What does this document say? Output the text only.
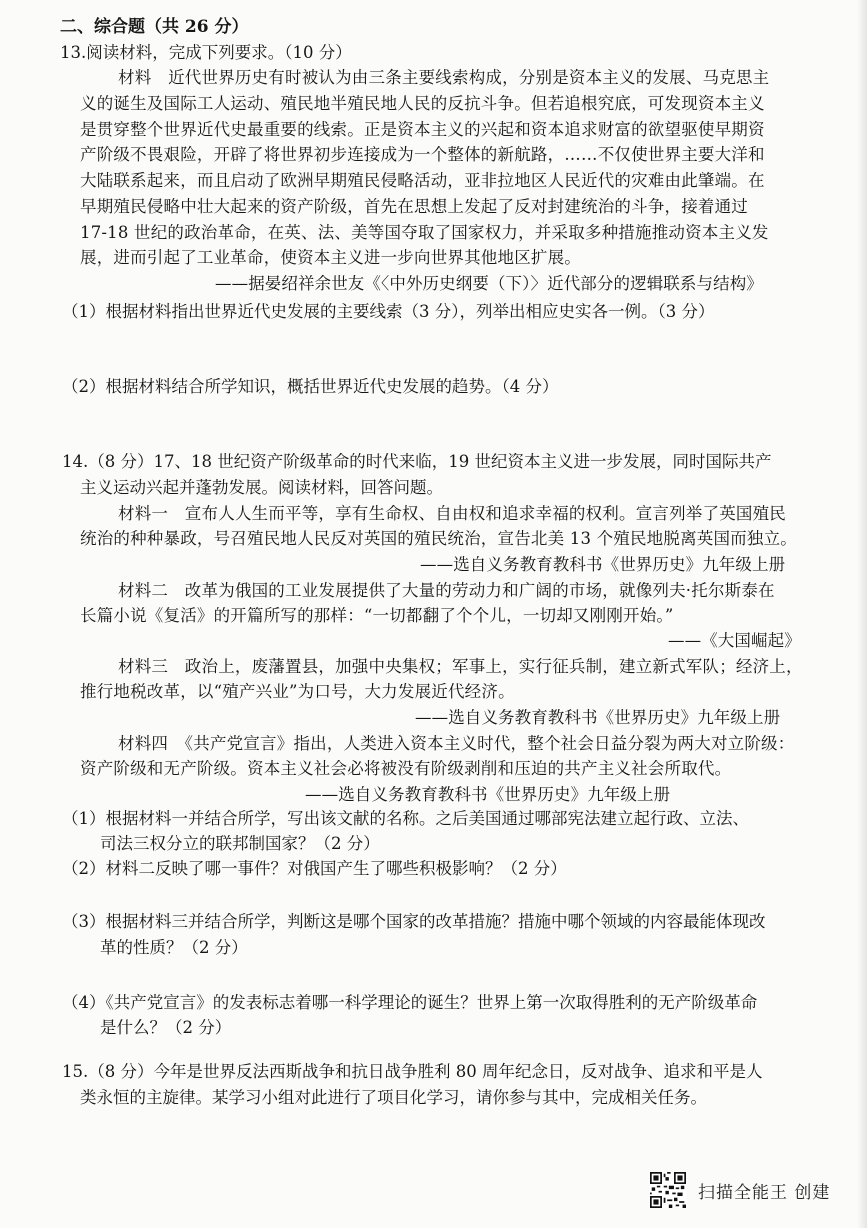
二、综合题（共 26 分）
13.阅读材料，完成下列要求。（10 分）
材料　近代世界历史有时被认为由三条主要线索构成，分别是资本主义的发展、马克思主
义的诞生及国际工人运动、殖民地半殖民地人民的反抗斗争。但若追根究底，可发现资本主义
是贯穿整个世界近代史最重要的线索。正是资本主义的兴起和资本追求财富的欲望驱使早期资
产阶级不畏艰险，开辟了将世界初步连接成为一个整体的新航路，……不仅使世界主要大洋和
大陆联系起来，而且启动了欧洲早期殖民侵略活动，亚非拉地区人民近代的灾难由此肇端。在
早期殖民侵略中壮大起来的资产阶级，首先在思想上发起了反对封建统治的斗争，接着通过
17-18 世纪的政治革命，在英、法、美等国夺取了国家权力，并采取多种措施推动资本主义发
展，进而引起了工业革命，使资本主义进一步向世界其他地区扩展。
——据晏绍祥余世友《〈中外历史纲要（下）〉近代部分的逻辑联系与结构》
（1）根据材料指出世界近代史发展的主要线索（3 分），列举出相应史实各一例。（3 分）
（2）根据材料结合所学知识，概括世界近代史发展的趋势。（4 分）
14.（8 分）17、18 世纪资产阶级革命的时代来临，19 世纪资本主义进一步发展，同时国际共产
主义运动兴起并蓬勃发展。阅读材料，回答问题。
材料一　宣布人人生而平等，享有生命权、自由权和追求幸福的权利。宣言列举了英国殖民
统治的种种暴政，号召殖民地人民反对英国的殖民统治，宣告北美 13 个殖民地脱离英国而独立。
——选自义务教育教科书《世界历史》九年级上册
材料二　改革为俄国的工业发展提供了大量的劳动力和广阔的市场，就像列夫·托尔斯泰在
长篇小说《复活》的开篇所写的那样：“一切都翻了个个儿，一切却又刚刚开始。”
——《大国崛起》
材料三　政治上，废藩置县，加强中央集权；军事上，实行征兵制，建立新式军队；经济上，
推行地税改革，以“殖产兴业”为口号，大力发展近代经济。
——选自义务教育教科书《世界历史》九年级上册
材料四　《共产党宣言》指出，人类进入资本主义时代，整个社会日益分裂为两大对立阶级：
资产阶级和无产阶级。资本主义社会必将被没有阶级剥削和压迫的共产主义社会所取代。
——选自义务教育教科书《世界历史》九年级上册
（1）根据材料一并结合所学，写出该文献的名称。之后美国通过哪部宪法建立起行政、立法、
司法三权分立的联邦制国家？（2 分）
（2）材料二反映了哪一事件？对俄国产生了哪些积极影响？（2 分）
（3）根据材料三并结合所学，判断这是哪个国家的改革措施？措施中哪个领域的内容最能体现改
革的性质？（2 分）
（4）《共产党宣言》的发表标志着哪一科学理论的诞生？世界上第一次取得胜利的无产阶级革命
是什么？（2 分）
15.（8 分）今年是世界反法西斯战争和抗日战争胜利 80 周年纪念日，反对战争、追求和平是人
类永恒的主旋律。某学习小组对此进行了项目化学习，请你参与其中，完成相关任务。
扫描全能王 创建
